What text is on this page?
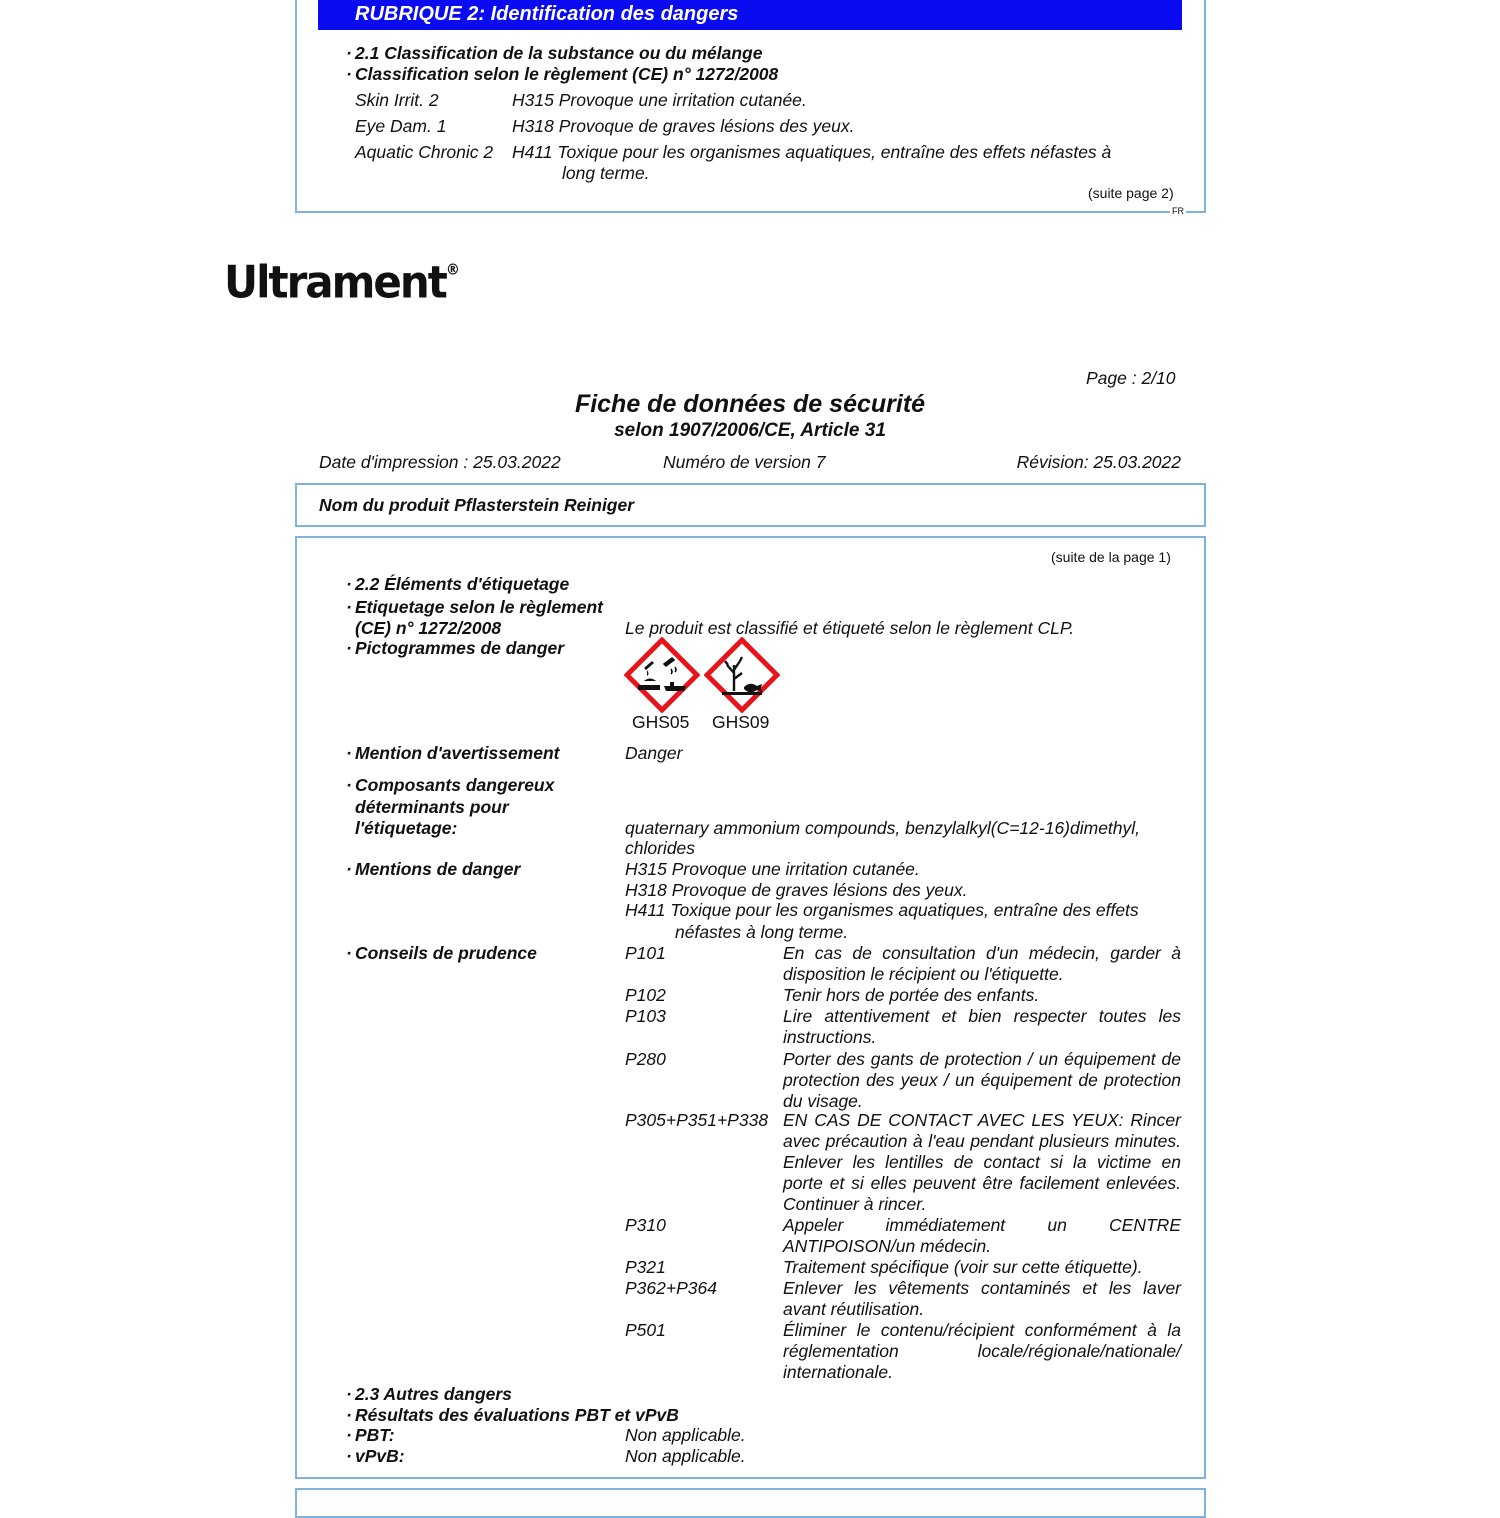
RUBRIQUE 2: Identification des dangers
· 2.1 Classification de la substance ou du mélange
· Classification selon le règlement (CE) n° 1272/2008
Skin Irrit. 2	H315 Provoque une irritation cutanée.
Eye Dam. 1	H318 Provoque de graves lésions des yeux.
Aquatic Chronic 2 H411 Toxique pour les organismes aquatiques, entraîne des effets néfastes à
long terme.
(suite page 2)
FR
Ultrament®
Page : 2/10
Fiche de données de sécurité
selon 1907/2006/CE, Article 31
Date d'impression : 25.03.2022	Numéro de version 7	Révision: 25.03.2022
Nom du produit Pflasterstein Reiniger
(suite de la page 1)
· 2.2 Éléments d'étiquetage
· Etiquetage selon le règlement
(CE) n° 1272/2008	Le produit est classifié et étiqueté selon le règlement CLP.
· Pictogrammes de danger
GHS05 GHS09
· Mention d'avertissement	Danger
· Composants dangereux
déterminants pour
l'étiquetage:	quaternary ammonium compounds, benzylalkyl(C=12-16)dimethyl,
chlorides
· Mentions de danger	H315 Provoque une irritation cutanée.
H318 Provoque de graves lésions des yeux.
H411 Toxique pour les organismes aquatiques, entraîne des effets
néfastes à long terme.
· Conseils de prudence	P101	En cas de consultation d'un médecin, garder à disposition le récipient ou l'étiquette.
P102	Tenir hors de portée des enfants.
P103	Lire attentivement et bien respecter toutes les instructions.
P280	Porter des gants de protection / un équipement de protection des yeux / un équipement de protection du visage.
P305+P351+P338 EN CAS DE CONTACT AVEC LES YEUX: Rincer avec précaution à l'eau pendant plusieurs minutes. Enlever les lentilles de contact si la victime en porte et si elles peuvent être facilement enlevées. Continuer à rincer.
P310	Appeler immédiatement un CENTRE ANTIPOISON/un médecin.
P321	Traitement spécifique (voir sur cette étiquette).
P362+P364	Enlever les vêtements contaminés et les laver avant réutilisation.
P501	Éliminer le contenu/récipient conformément à la réglementation locale/régionale/nationale/ internationale.
· 2.3 Autres dangers
· Résultats des évaluations PBT et vPvB
· PBT:	Non applicable.
· vPvB:	Non applicable.
